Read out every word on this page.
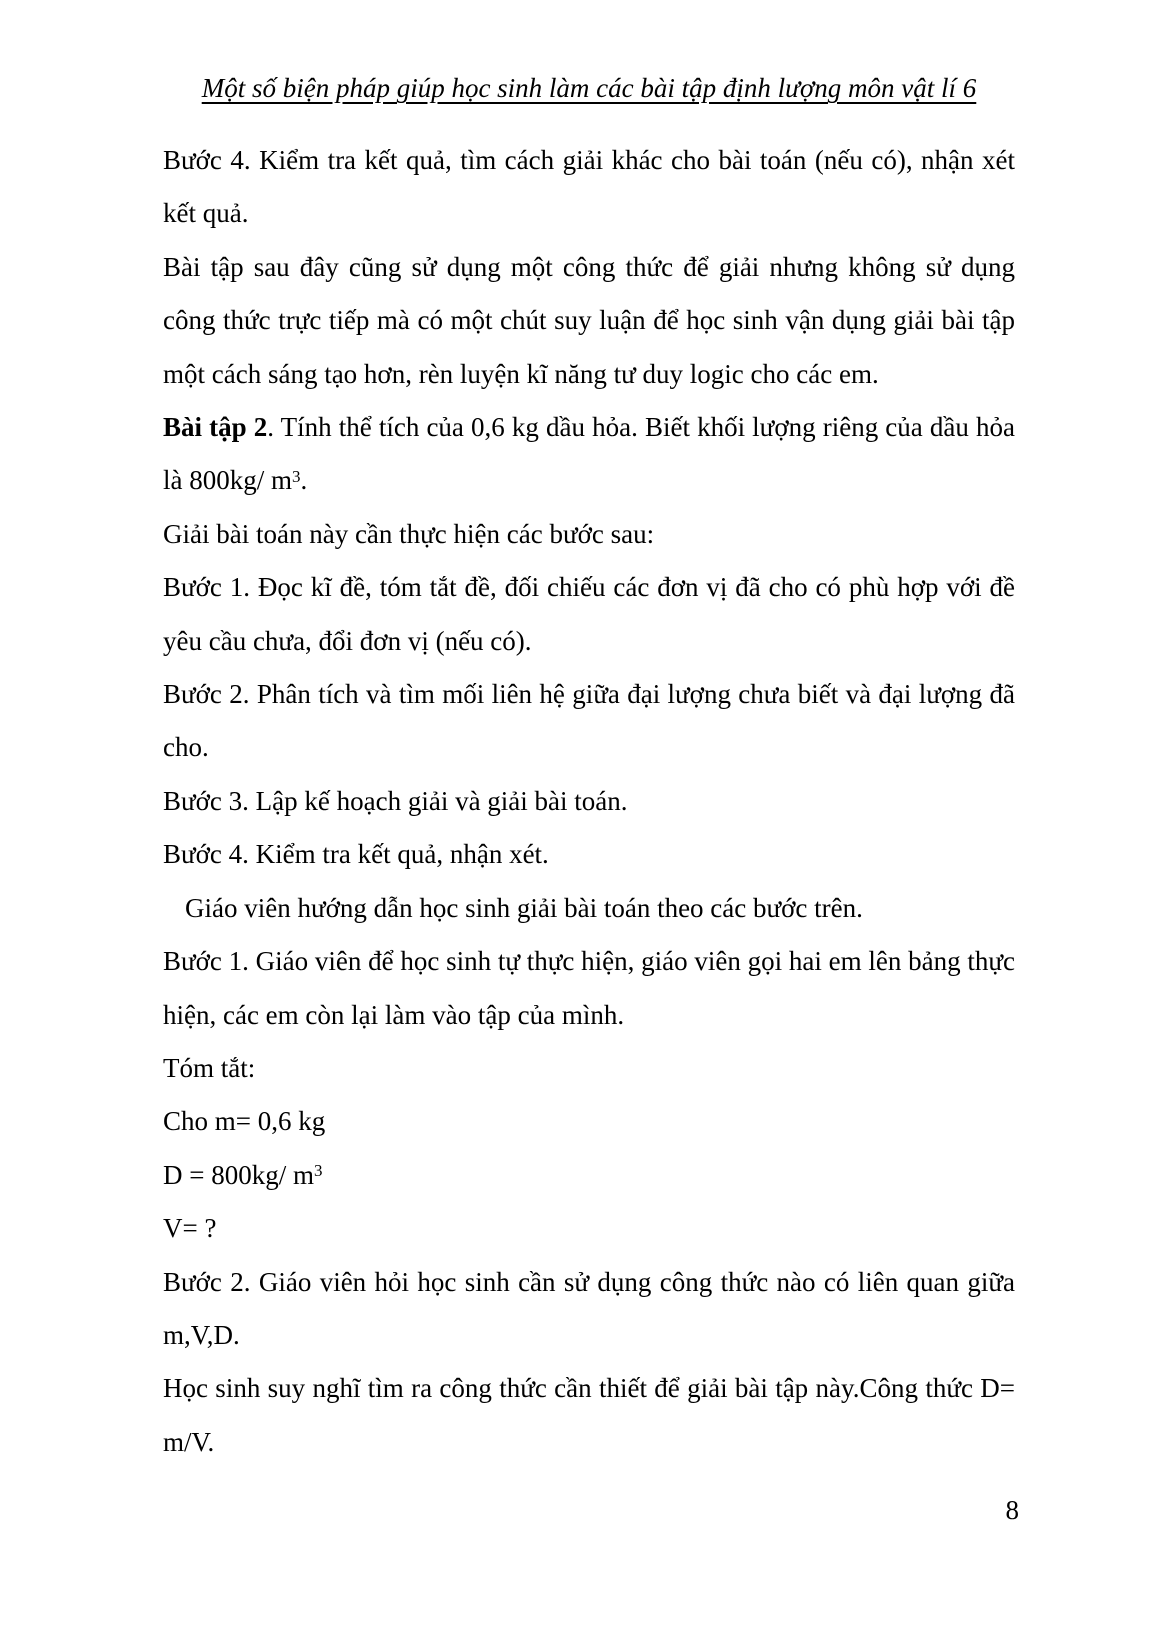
Một số biện pháp giúp học sinh làm các bài tập định lượng môn vật lí 6

Bước 4. Kiểm tra kết quả, tìm cách giải khác cho bài toán (nếu có), nhận xét kết quả.

Bài tập sau đây cũng sử dụng một công thức để giải nhưng không sử dụng công thức trực tiếp mà có một chút suy luận để học sinh vận dụng giải bài tập một cách sáng tạo hơn, rèn luyện kĩ năng tư duy logic cho các em.

Bài tập 2. Tính thể tích của 0,6 kg dầu hỏa. Biết khối lượng riêng của dầu hỏa là 800kg/ $m^3$.

Giải bài toán này cần thực hiện các bước sau:

Bước 1. Đọc kĩ đề, tóm tắt đề, đối chiếu các đơn vị đã cho có phù hợp với đề yêu cầu chưa, đổi đơn vị (nếu có).

Bước 2. Phân tích và tìm mối liên hệ giữa đại lượng chưa biết và đại lượng đã cho.

Bước 3. Lập kế hoạch giải và giải bài toán.

Bước 4. Kiểm tra kết quả, nhận xét.

Giáo viên hướng dẫn học sinh giải bài toán theo các bước trên.

Bước 1. Giáo viên để học sinh tự thực hiện, giáo viên gọi hai em lên bảng thực hiện, các em còn lại làm vào tập của mình.

Tóm tắt:

Cho m= 0,6 kg

D = 800kg/ $m^3$

V= ?

Bước 2. Giáo viên hỏi học sinh cần sử dụng công thức nào có liên quan giữa m,V,D.

Học sinh suy nghĩ tìm ra công thức cần thiết để giải bài tập này.Công thức D= m/V.

8
